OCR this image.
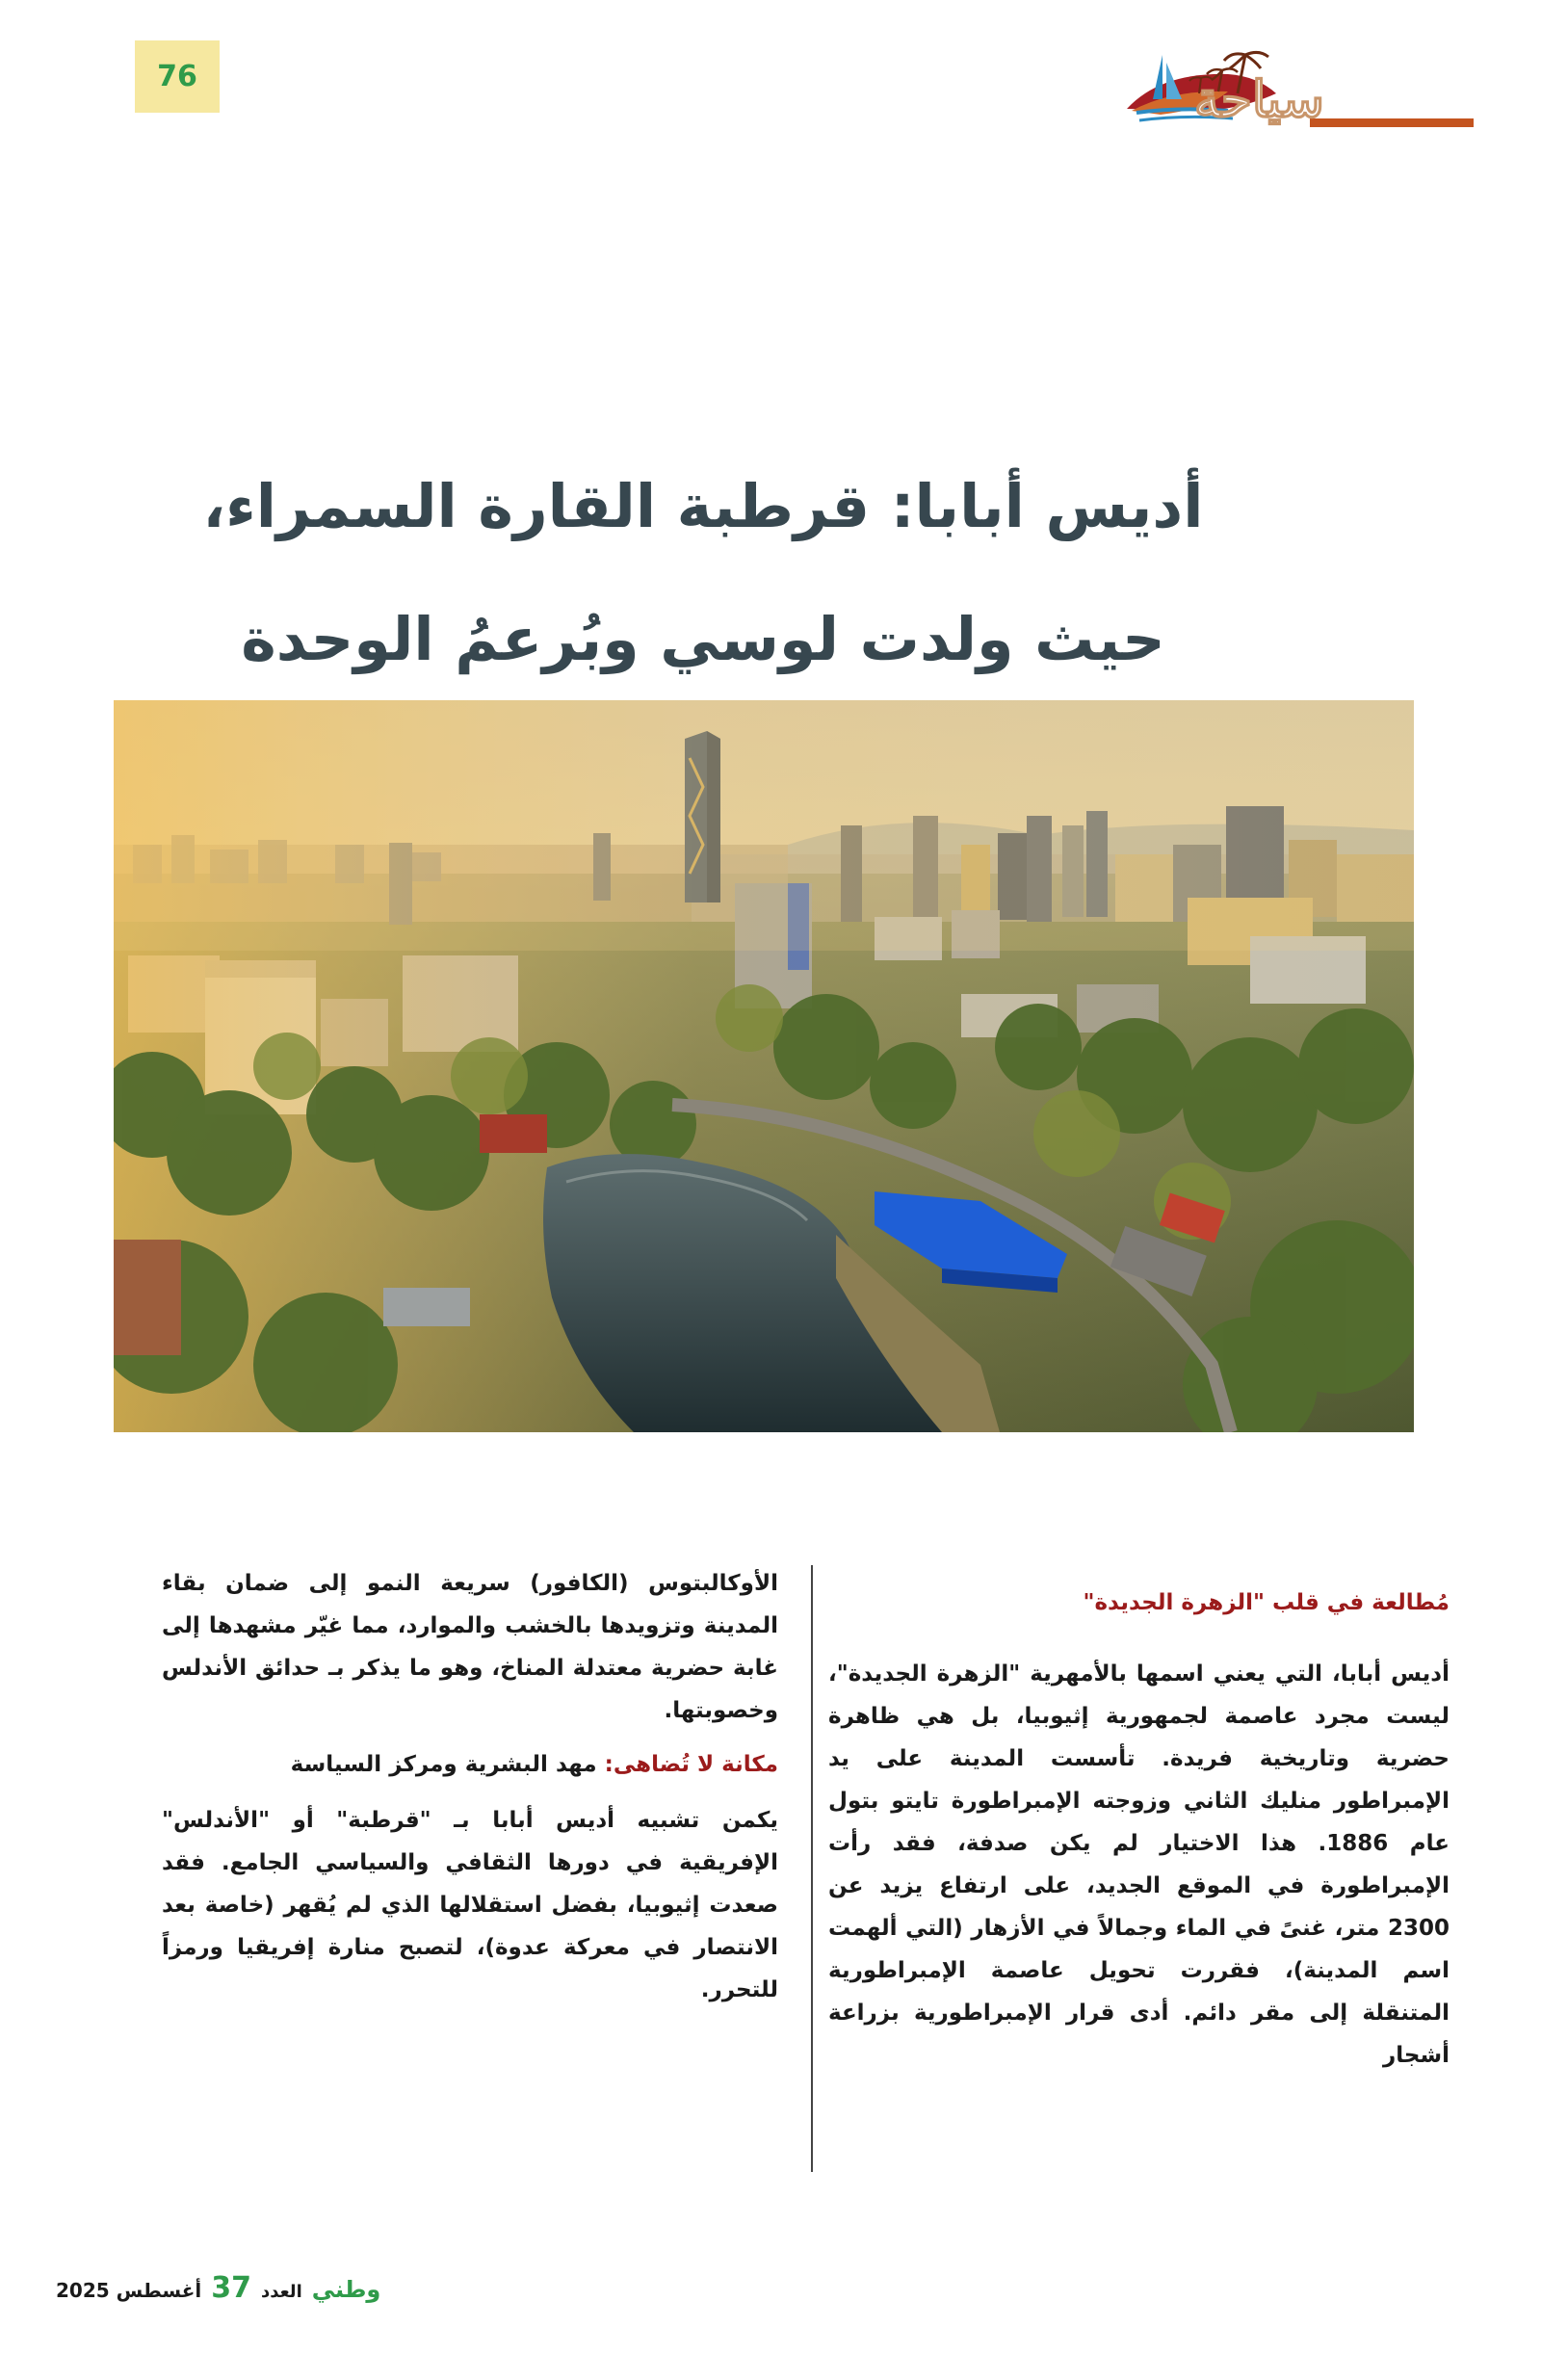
76	سياحة
أديس أبابا: قرطبة القارة السمراء،
حيث ولدت لوسي وبُرعمُ الوحدة

مُطالعة في قلب "الزهرة الجديدة"

أديس أبابا، التي يعني اسمها بالأمهرية "الزهرة الجديدة"، ليست مجرد عاصمة لجمهورية إثيوبيا، بل هي ظاهرة حضرية وتاريخية فريدة. تأسست المدينة على يد الإمبراطور منليك الثاني وزوجته الإمبراطورة تايتو بتول عام 1886. هذا الاختيار لم يكن صدفة، فقد رأت الإمبراطورة في الموقع الجديد، على ارتفاع يزيد عن 2300 متر، غنىً في الماء وجمالاً في الأزهار (التي ألهمت اسم المدينة)، فقررت تحويل عاصمة الإمبراطورية المتنقلة إلى مقر دائم. أدى قرار الإمبراطورية بزراعة أشجار

الأوكالبتوس (الكافور) سريعة النمو إلى ضمان بقاء المدينة وتزويدها بالخشب والموارد، مما غيّر مشهدها إلى غابة حضرية معتدلة المناخ، وهو ما يذكر بـ حدائق الأندلس وخصوبتها.

مكانة لا تُضاهى: مهد البشرية ومركز السياسة

يكمن تشبيه أديس أبابا بـ "قرطبة" أو "الأندلس" الإفريقية في دورها الثقافي والسياسي الجامع. فقد صعدت إثيوبيا، بفضل استقلالها الذي لم يُقهر (خاصة بعد الانتصار في معركة عدوة)، لتصبح منارة إفريقيا ورمزاً للتحرر.

وطني
العدد
37
أغسطس 2025
